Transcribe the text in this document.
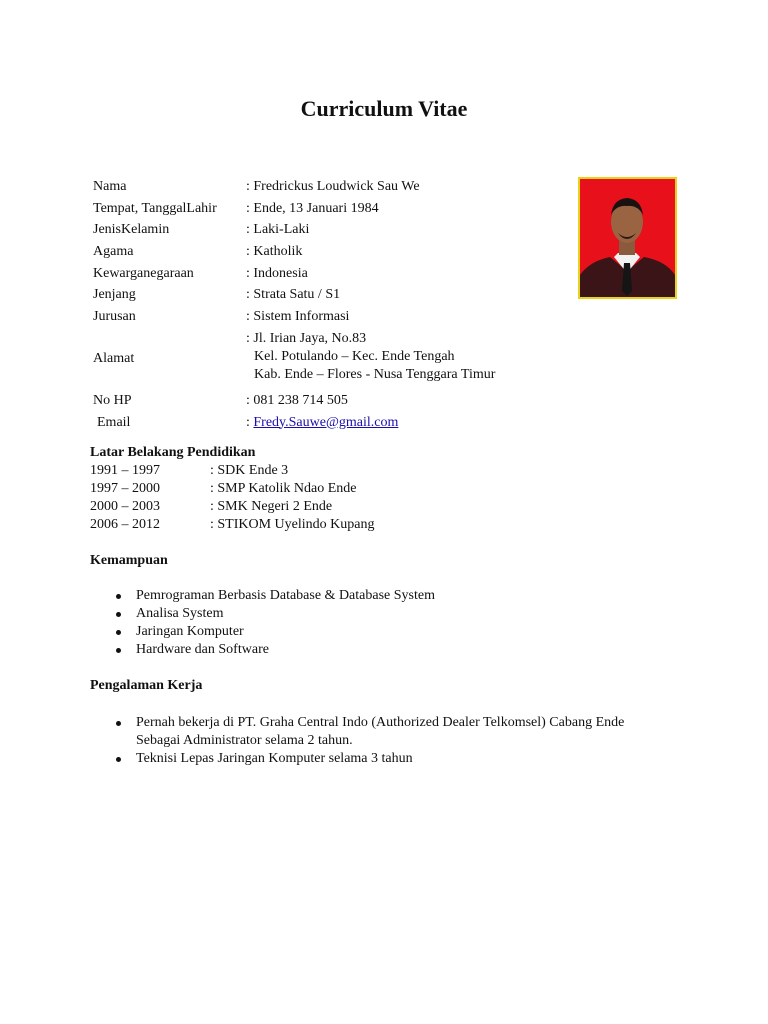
Curriculum Vitae
Nama	: Fredrickus Loudwick Sau We
Tempat, TanggalLahir : Ende, 13 Januari 1984
JenisKelamin	: Laki-Laki
Agama	: Katholik
Kewarganegaraan	: Indonesia
Jenjang	: Strata Satu / S1
Jurusan	: Sistem Informasi
Alamat
: Jl. Irian Jaya, No.83
Kel. Potulando – Kec. Ende Tengah
Kab. Ende – Flores - Nusa Tenggara Timur
No HP	: 081 238 714 505
Email	: Fredy.Sauwe@gmail.com
Latar Belakang Pendidikan
1991 – 1997	: SDK Ende 3
1997 – 2000	: SMP Katolik Ndao Ende
2000 – 2003	: SMK Negeri 2 Ende
2006 – 2012	: STIKOM Uyelindo Kupang
Kemampuan
Pemrograman Berbasis Database & Database System
Analisa System
Jaringan Komputer
Hardware dan Software
Pengalaman Kerja
Pernah bekerja di PT. Graha Central Indo (Authorized Dealer Telkomsel) Cabang Ende
Sebagai Administrator selama 2 tahun.
Teknisi Lepas Jaringan Komputer selama 3 tahun
